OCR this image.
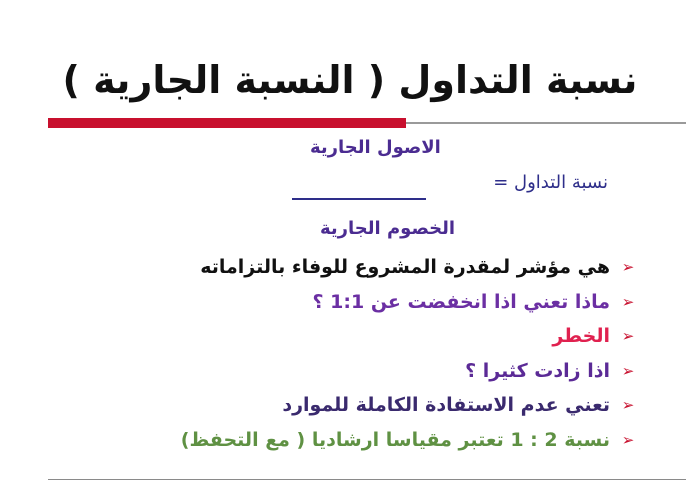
نسبة التداول ( النسبة الجارية )
الاصول الجارية
نسبة التداول =
الخصوم الجارية
➢
هي مؤشر لمقدرة المشروع للوفاء بالتزاماته
➢
ماذا تعني اذا انخفضت عن 1:1 ؟
➢
الخطر
➢
اذا زادت كثيرا ؟
➢
تعني عدم الاستفادة الكاملة للموارد
➢
نسبة 2 : 1 تعتبر مقياسا ارشاديا ( مع التحفظ)
